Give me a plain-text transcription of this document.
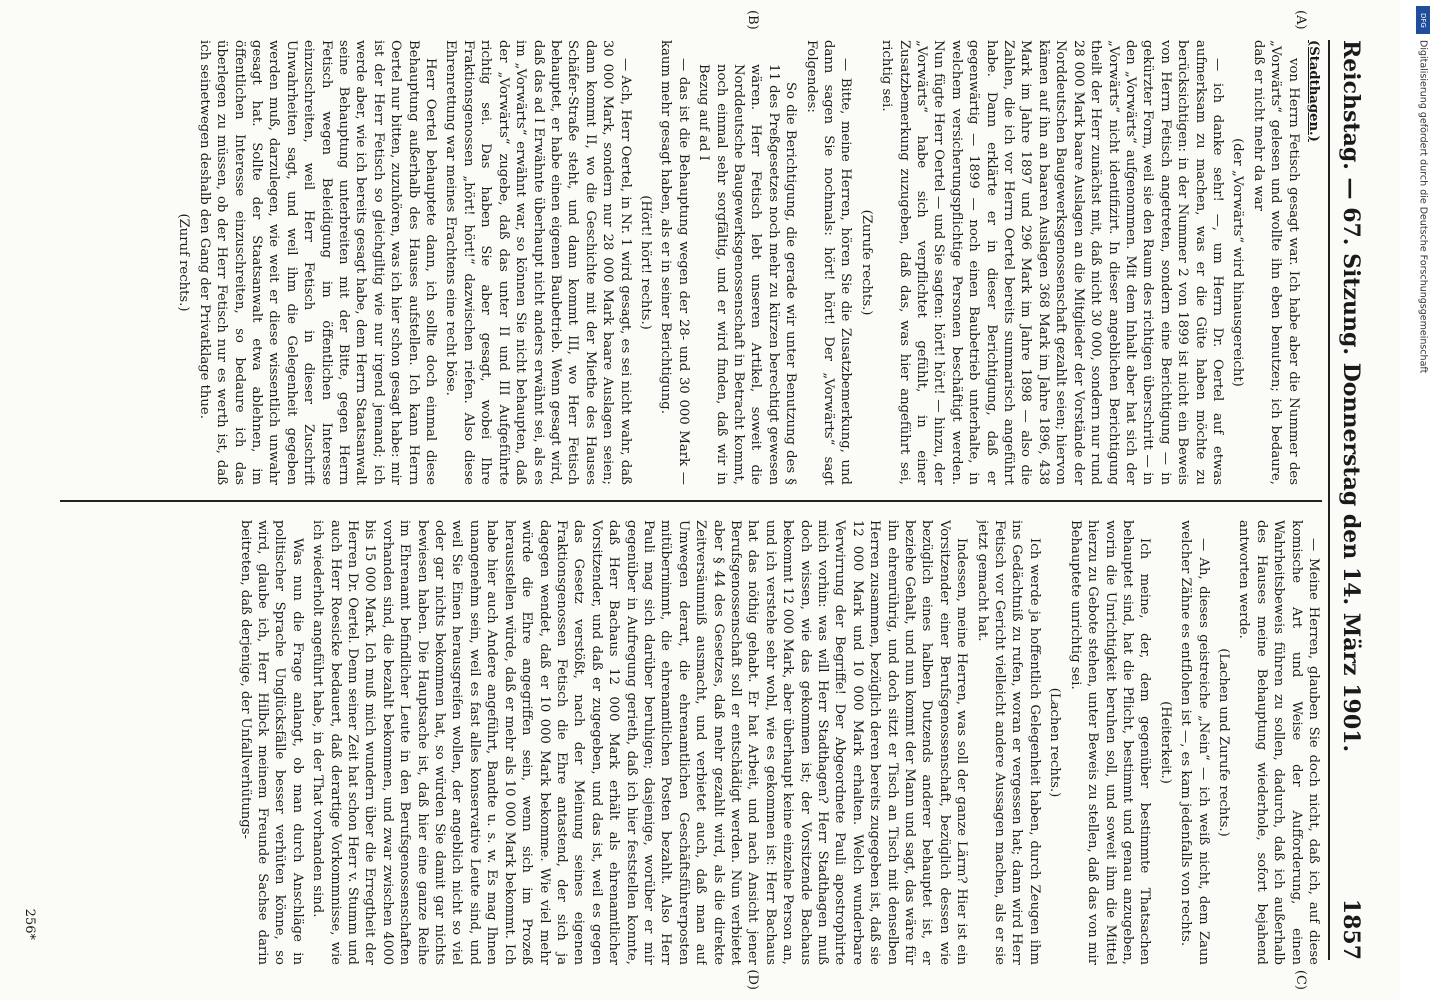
Reichstag. — 67. Sitzung. Donnerstag den 14. März 1901.
1857
(A)
(B)
(C)
(D)

(Stadthagen.)

von Herrn Fetisch gesagt war. Ich habe aber die Nummer des „Vorwärts“ gelesen und wollte ihn eben benutzen; ich bedaure, daß er nicht mehr da war

(der „Vorwärts“ wird hinausgereicht)

— ich danke sehr! —, um Herrn Dr. Oertel auf etwas aufmerksam zu machen, was er die Güte haben möchte zu berücksichtigen: in der Nummer 2 von 1899 ist nicht ein Beweis von Herrn Fetisch angetreten, sondern eine Berichtigung — in gekürzter Form, weil sie den Raum des richtigen überschritt — in den „Vorwärts“ aufgenommen. Mit dem Inhalt aber hat sich der „Vorwärts“ nicht identifizirt. In dieser angeblichen Berichtigung theilt der Herr zunächst mit, daß nicht 30 000, sondern nur rund 28 000 Mark baare Auslagen an die Mitglieder der Vorstände der Norddeutschen Baugewerksgenossenschaft gezahlt seien; hiervon kämen auf ihn an baaren Auslagen 368 Mark im Jahre 1896, 438 Mark im Jahre 1897 und 296 Mark im Jahre 1898 — also die Zahlen, die ich vor Herrn Oertel bereits summarisch angeführt habe. Dann erklärte er in dieser Berichtigung, daß er gegenwärtig — 1899 — noch einen Baubetrieb unterhalte, in welchem versicherungspflichtige Personen beschäftigt werden. Nun fügte Herr Oertel — und Sie sagten: hört! hört! — hinzu, der „Vorwärts“ habe sich verpflichtet gefühlt, in einer Zusatzbemerkung zuzugeben, daß das, was hier angeführt sei, richtig sei.

(Zurufe rechts.)

— Bitte, meine Herren, hören Sie die Zusatzbemerkung, und dann sagen Sie nochmals: hört! hört! Der „Vorwärts“ sagt Folgendes:

So die Berichtigung, die gerade wir unter Benutzung des § 11 des Preßgesetzes noch mehr zu kürzen berechtigt gewesen wären. Herr Fetisch lebt unseren Artikel, soweit die Norddeutsche Baugewerksgenossenschaft in Betracht kommt, noch einmal sehr sorgfältig, und er wird finden, daß wir in Bezug auf ad I

— das ist die Behauptung wegen der 28- und 30 000 Mark — kaum mehr gesagt haben, als er in seiner Berichtigung.

(Hört! hört! rechts.)

— Ach, Herr Oertel, in Nr. 1 wird gesagt, es sei nicht wahr, daß 30 000 Mark, sondern nur 28 000 Mark baare Auslagen seien; dann kommt II, wo die Geschichte mit der Miethe des Hauses Schäfer-Straße steht, und dann kommt III, wo Herr Fetisch behauptet, er habe einen eigenen Baubetrieb. Wenn gesagt wird, daß das ad I Erwähnte überhaupt nicht anders erwähnt sei, als es im „Vorwärts“ erwähnt war, so können Sie nicht behaupten, daß der „Vorwärts“ zugebe, daß das unter II und III Aufgeführte richtig sei. Das haben Sie aber gesagt, wobei Ihre Fraktionsgenossen „hört! hört!“ dazwischen riefen. Also diese Ehrenrettung war meines Erachtens eine recht böse.

Herr Oertel behauptete dann, ich sollte doch einmal diese Behauptung außerhalb des Hauses aufstellen. Ich kann Herrn Oertel nur bitten, zuzuhören, was ich hier schon gesagt habe: mir ist der Herr Fetisch so gleichgiltig wie nur irgend jemand; ich werde aber, wie ich bereits gesagt habe, dem Herrn Staatsanwalt seine Behauptung unterbreiten mit der Bitte, gegen Herrn Fetisch wegen Beleidigung im öffentlichen Interesse einzuschreiten, weil Herr Fetisch in dieser Zuschrift Unwahrheiten sagt, und weil ihm die Gelegenheit gegeben werden muß, darzulegen, wie weit er diese wissentlich unwahr gesagt hat. Sollte der Staatsanwalt etwa ablehnen, im öffentlichen Interesse einzuschreiten, so bedaure ich das überlegen zu müssen, ob der Herr Fetisch nur es werth ist, daß ich seinetwegen deshalb den Gang der Privatklage thue.

(Zuruf rechts.)

— Meine Herren, glauben Sie doch nicht, daß ich, auf diese komische Art und Weise der Aufforderung, einen Wahrheitsbeweis führen zu sollen, dadurch, daß ich außerhalb des Hauses meine Behauptung wiederhole, sofort bejahend antworten werde.

(Lachen und Zurufe rechts.)

— Ah, dieses geistreiche „Nein“ — ich weiß nicht, dem Zaun welcher Zähne es entflohen ist —, es kam jedenfalls von rechts.

(Heiterkeit.)

Ich meine, der, dem gegenüber bestimmte Thatsachen behauptet sind, hat die Pflicht, bestimmt und genau anzugeben, worin die Unrichtigkeit beruhen soll, und soweit ihm die Mittel hierzu zu Gebote stehen, unter Beweis zu stellen, daß das von mir Behauptete unrichtig sei.

(Lachen rechts.)

Ich werde ja hoffentlich Gelegenheit haben, durch Zeugen ihm ins Gedächtniß zu rufen, woran er vergessen hat; dann wird Herr Fetisch vor Gericht vielleicht andere Aussagen machen, als er sie jetzt gemacht hat.

Indessen, meine Herren, was soll der ganze Lärm? Hier ist ein Vorsitzender einer Berufsgenossenschaft, bezüglich dessen wie bezüglich eines halben Dutzends anderer behauptet ist, er beziehe Gehalt, und nun kommt der Mann und sagt, das wäre für ihn ehrenrührig, und doch sitzt er Tisch an Tisch mit denselben Herren zusammen, bezüglich deren bereits zugegeben ist, daß sie 12 000 Mark und 10 000 Mark erhalten. Welch wunderbare Verwirrung der Begriffe! Der Abgeordnete Pauli apostrophirte mich vorhin: was will Herr Stadthagen? Herr Stadthagen muß doch wissen, wie das gekommen ist; der Vorsitzende Bachaus bekommt 12 000 Mark, aber überhaupt keine einzelne Person an, und ich verstehe sehr wohl, wie es gekommen ist: Herr Bachaus hat das nöthig gehabt. Er hat Arbeit, und nach Ansicht jener Berufsgenossenschaft soll er entschädigt werden. Nun verbietet aber § 44 des Gesetzes, daß mehr gezahlt wird, als die direkte Zeitversäumniß ausmacht, und verbietet auch, daß man auf Umwegen derart, die ehrenamtlichen Geschäftsführerposten mitübernimmt, die ehrenamtlichen Posten bezahlt. Also Herr Pauli mag sich darüber beruhigen; dasjenige, worüber er mir gegenüber in Aufregung gerieth, daß ich hier feststellen konnte, daß Herr Bachaus 12 000 Mark erhält als ehrenamtlicher Vorsitzender, und daß er zugegeben, und das ist, weil es gegen das Gesetz verstößt, nach der Meinung seines eigenen Fraktionsgenossen Fetisch die Ehre antastend, der sich ja dagegen wendet, daß er 10 000 Mark bekomme. Wie viel mehr würde die Ehre angegriffen sein, wenn sich im Prozeß herausstellen würde, daß er mehr als 10 000 Mark bekommt. Ich habe hier auch Andere angeführt, Bandte u. s. w. Es mag Ihnen unangenehm sein, weil es fast alles konservative Leute sind, und weil Sie Einen herausgreifen wollen, der angeblich nicht so viel oder gar nichts bekommen hat, so würden Sie damit gar nichts bewiesen haben. Die Hauptsache ist, daß hier eine ganze Reihe im Ehrenamt befindlicher Leute in den Berufsgenossenschaften vorhanden sind, die bezahlt bekommen, und zwar zwischen 4000 bis 15 000 Mark. Ich muß mich wundern über die Erregtheit der Herren Dr. Oertel. Denn seiner Zeit hat schon Herr v. Stumm und auch Herr Roesicke bedauert, daß derartige Vorkommnisse, wie ich wiederholt angeführt habe, in der That vorhanden sind.

Was nun die Frage anlangt, ob man durch Anschläge in politischer Sprache Unglücksfälle besser verhüten könne, so wird, glaube ich, Herr Hilbck meinem Freunde Sachse darin beitreten, daß derjenige, der Unfallverhütungs-

256*
DFG
Digitalisierung gefördert durch die Deutsche Forschungsgemeinschaft
